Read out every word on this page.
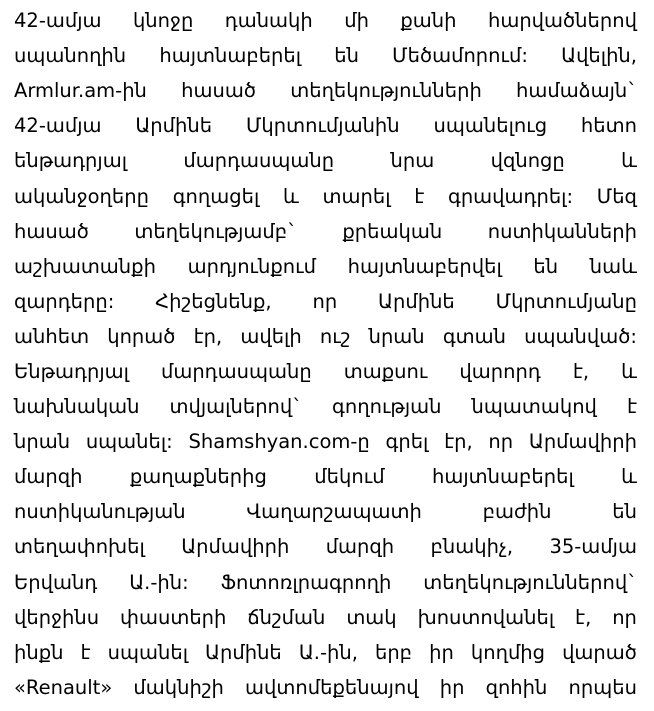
42-ամյա կնոջը դանակի մի քանի հարվածներով
սպանողին հայտնաբերել են Մեծամորում: Ավելին,
Armlur.am-ին հասած տեղեկությունների համաձայն`
42-ամյա Արմինե Մկրտումյանին սպանելուց հետո
ենթադրյալ	մարդասպանը	նրա	վզնոցը	և
ականջօղերը գողացել և տարել է գրավադրել: Մեզ
հասած տեղեկությամբ` քրեական ոստիկանների
աշխատանքի արդյունքում հայտնաբերվել են նաև
զարդերը: Հիշեցնենք, որ Արմինե Մկրտումյանը
անհետ կորած էր, ավելի ուշ նրան գտան սպանված:
Ենթադրյալ մարդասպանը տաքսու վարորդ է, և
նախնական տվյալներով` գողության նպատակով է
նրան սպանել: Shamshyan.com-ը գրել էր, որ Արմավիրի
մարզի քաղաքներից մեկում հայտնաբերել և
ոստիկանության	Վաղարշապատի	բաժին	են
տեղափոխել Արմավիրի մարզի բնակիչ, 35-ամյա
Երվանդ Ա.-ին: Ֆոտոռլրագրողի տեղեկություններով`
վերջինս փաստերի ճնշման տակ խոստովանել է, որ
ինքն է սպանել Արմինե Ա.-ին, երբ իր կողմից վարած
«Renault» մակնիշի ավտոմեքենայով իր զոհին որպես
